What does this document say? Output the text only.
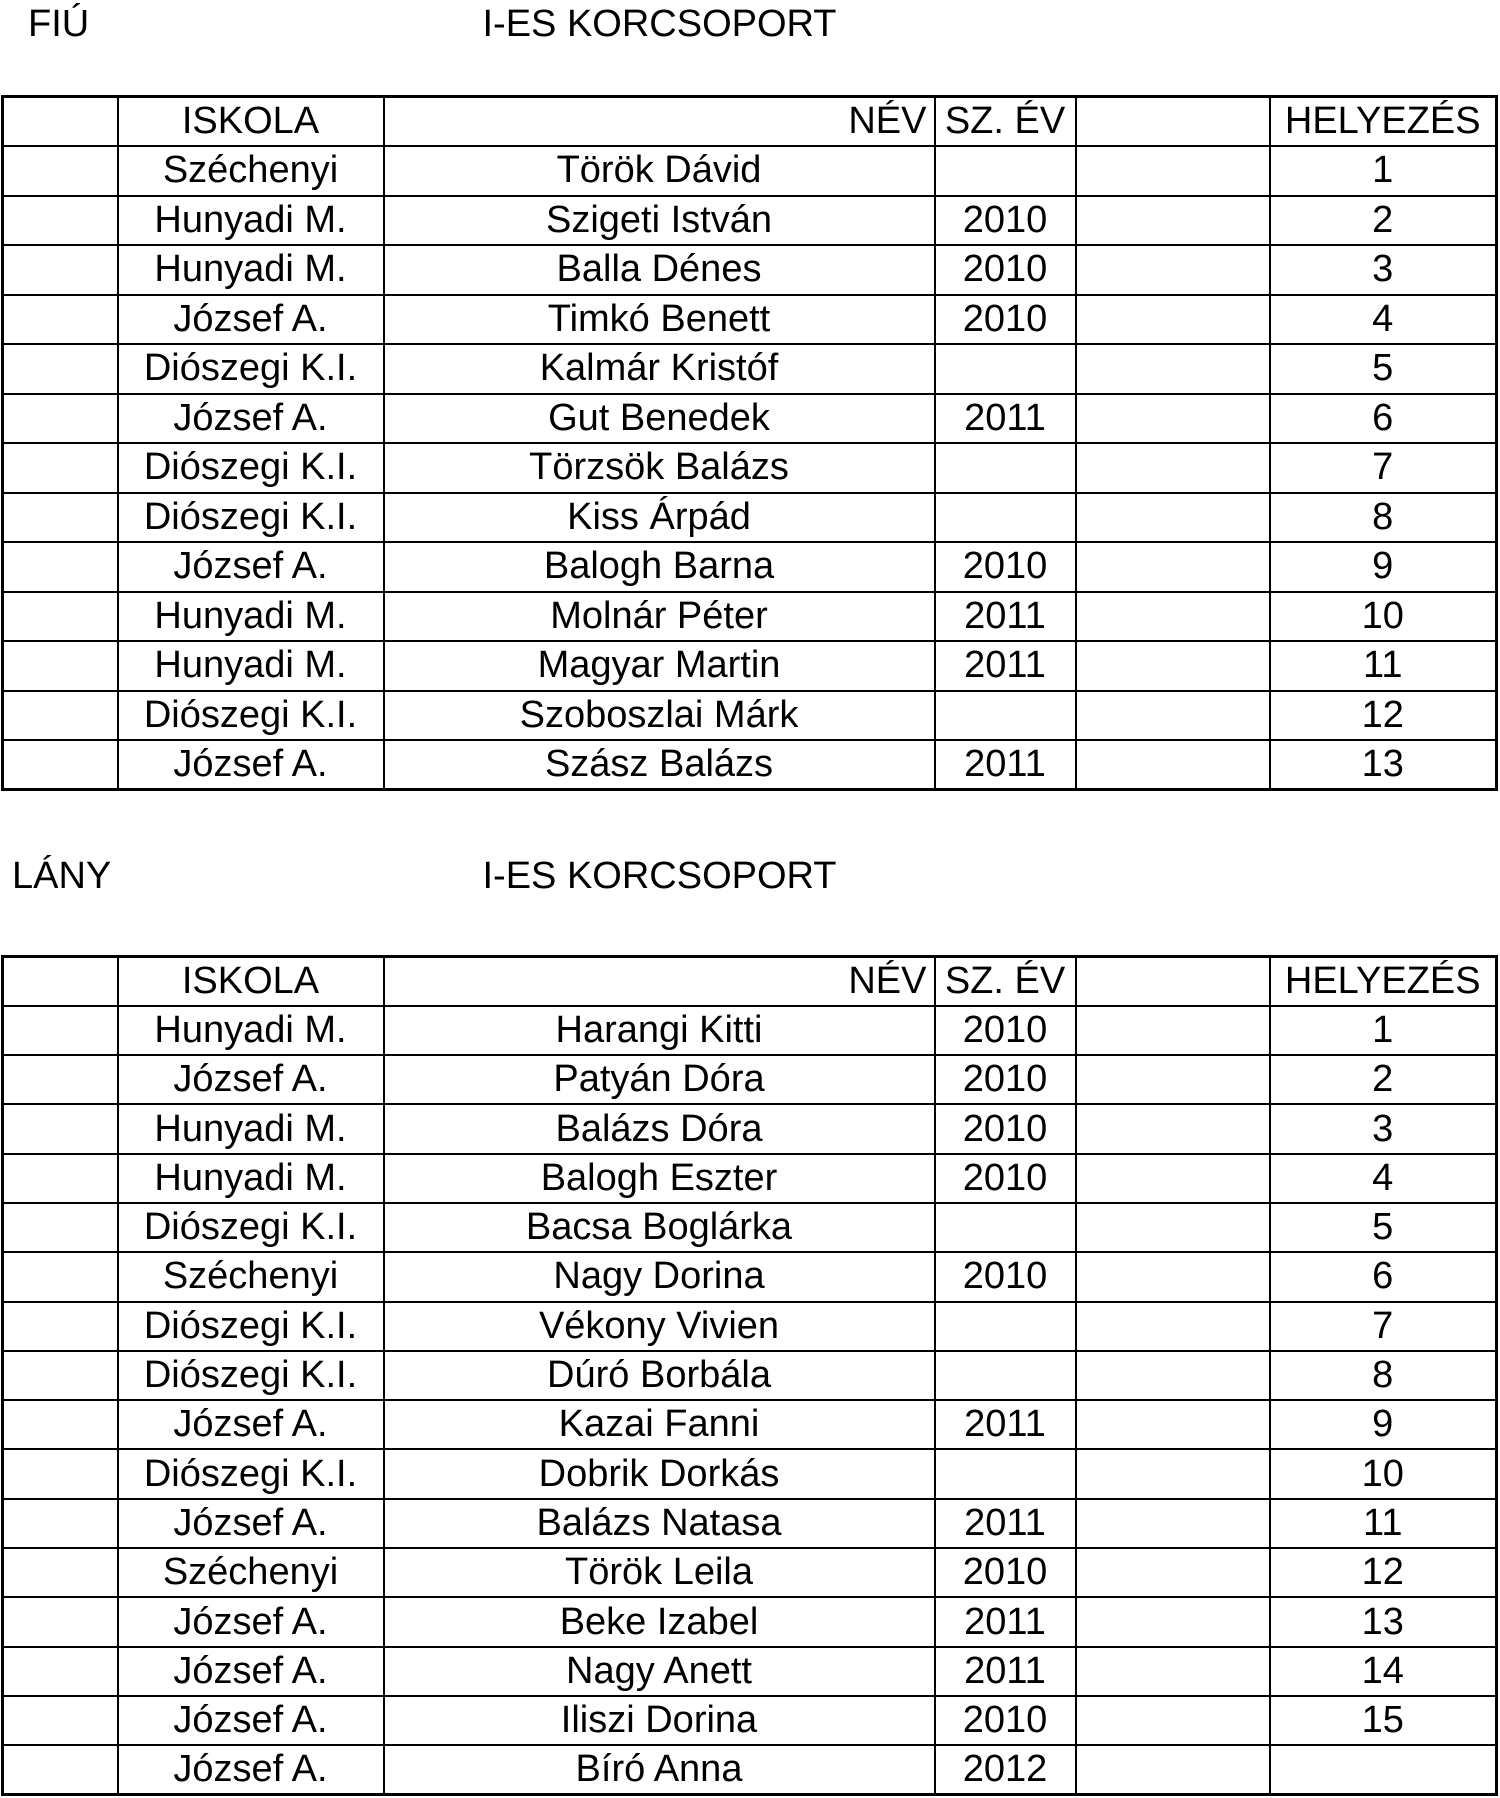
FIÚ	I-ES KORCSOPORT
	ISKOLA	NÉV	SZ. ÉV		HELYEZÉS
	Széchenyi	Török Dávid			1
	Hunyadi M.	Szigeti István	2010		2
	Hunyadi M.	Balla Dénes	2010		3
	József A.	Timkó Benett	2010		4
	Diószegi K.I.	Kalmár Kristóf			5
	József A.	Gut Benedek	2011		6
	Diószegi K.I.	Törzsök Balázs			7
	Diószegi K.I.	Kiss Árpád			8
	József A.	Balogh Barna	2010		9
	Hunyadi M.	Molnár Péter	2011		10
	Hunyadi M.	Magyar Martin	2011		11
	Diószegi K.I.	Szoboszlai Márk			12
	József A.	Szász Balázs	2011		13
LÁNY	I-ES KORCSOPORT
	ISKOLA	NÉV	SZ. ÉV		HELYEZÉS
	Hunyadi M.	Harangi Kitti	2010		1
	József A.	Patyán Dóra	2010		2
	Hunyadi M.	Balázs Dóra	2010		3
	Hunyadi M.	Balogh Eszter	2010		4
	Diószegi K.I.	Bacsa Boglárka			5
	Széchenyi	Nagy Dorina	2010		6
	Diószegi K.I.	Vékony Vivien			7
	Diószegi K.I.	Dúró Borbála			8
	József A.	Kazai Fanni	2011		9
	Diószegi K.I.	Dobrik Dorkás			10
	József A.	Balázs Natasa	2011		11
	Széchenyi	Török Leila	2010		12
	József A.	Beke Izabel	2011		13
	József A.	Nagy Anett	2011		14
	József A.	Iliszi Dorina	2010		15
	József A.	Bíró Anna	2012		
